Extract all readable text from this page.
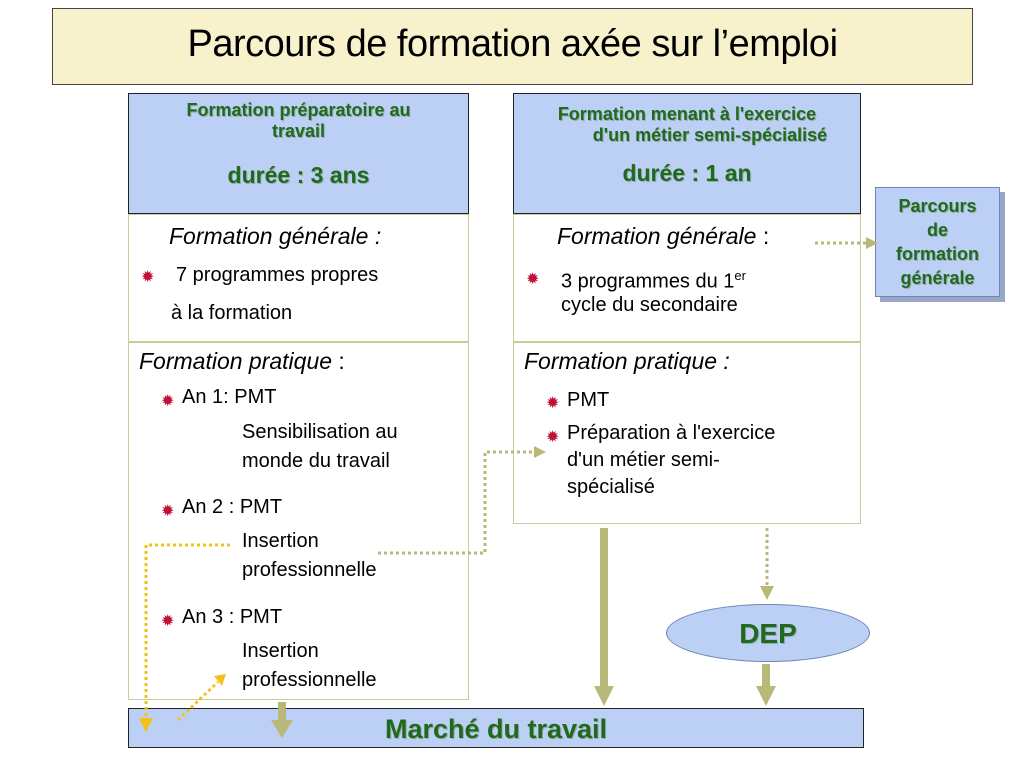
Parcours de formation axée sur l’emploi
Formation préparatoire au
travail
durée : 3 ans
Formation générale :
✹ 7 programmes propres
à la formation
Formation pratique :
✹ An 1: PMT
Sensibilisation au
monde du travail
✹ An 2 : PMT
Insertion
professionnelle
✹ An 3 : PMT
Insertion
professionnelle
Formation menant à l'exercice
d'un métier semi-spécialisé
durée : 1 an
Formation générale :
✹ 3 programmes du 1er
cycle du secondaire
Formation pratique :
✹ PMT
✹ Préparation à l'exercice
d'un métier semi-
spécialisé
Parcours
de
formation
générale
DEP
Marché du travail
